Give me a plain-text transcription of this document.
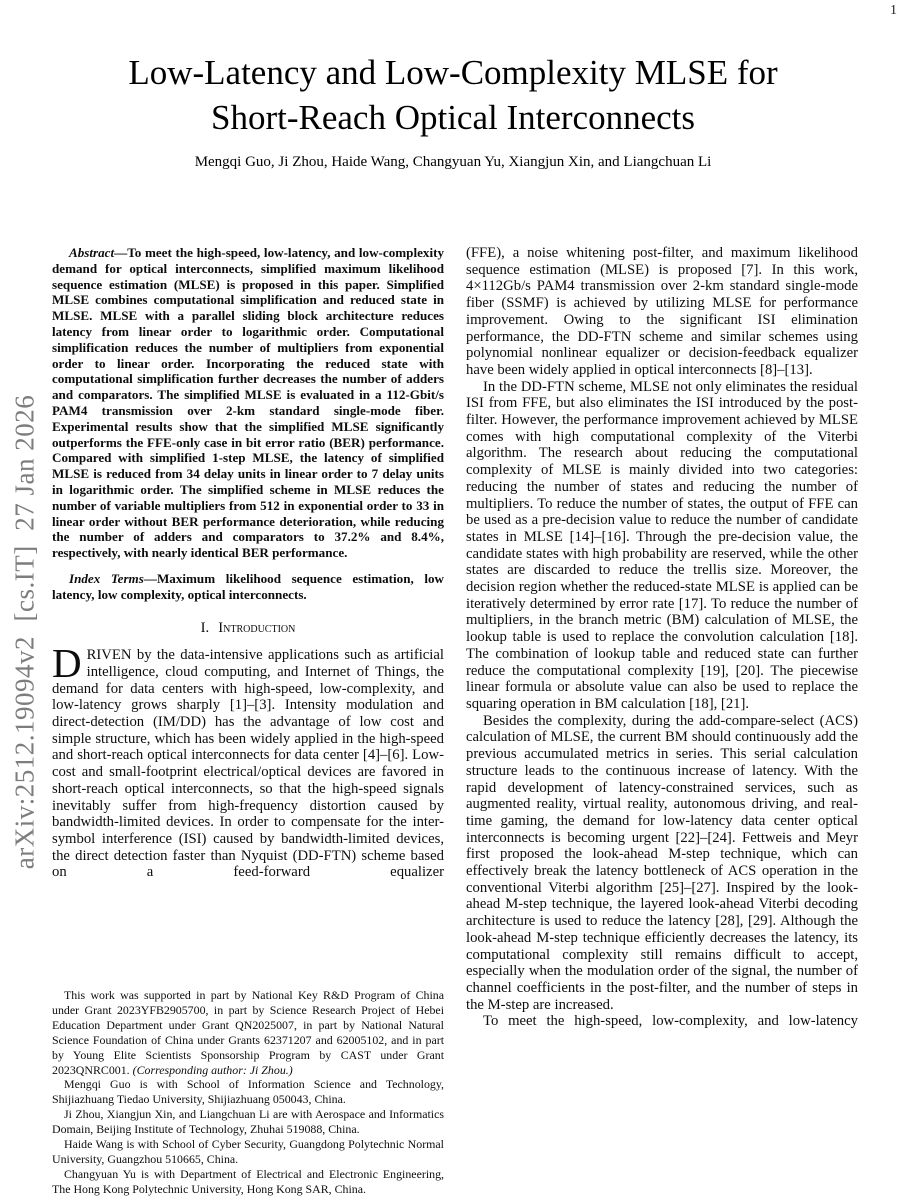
1
arXiv:2512.19094v2  [cs.IT]  27 Jan 2026
Low-Latency and Low-Complexity MLSE for
Short-Reach Optical Interconnects
Mengqi Guo, Ji Zhou, Haide Wang, Changyuan Yu, Xiangjun Xin, and Liangchuan Li

Abstract—To meet the high-speed, low-latency, and low-complexity demand for optical interconnects, simplified maximum likelihood sequence estimation (MLSE) is proposed in this paper. Simplified MLSE combines computational simplification and reduced state in MLSE. MLSE with a parallel sliding block architecture reduces latency from linear order to logarithmic order. Computational simplification reduces the number of multipliers from exponential order to linear order. Incorporating the reduced state with computational simplification further decreases the number of adders and comparators. The simplified MLSE is evaluated in a 112-Gbit/s PAM4 transmission over 2-km standard single-mode fiber. Experimental results show that the simplified MLSE significantly outperforms the FFE-only case in bit error ratio (BER) performance. Compared with simplified 1-step MLSE, the latency of simplified MLSE is reduced from 34 delay units in linear order to 7 delay units in logarithmic order. The simplified scheme in MLSE reduces the number of variable multipliers from 512 in exponential order to 33 in linear order without BER performance deterioration, while reducing the number of adders and comparators to 37.2% and 8.4%, respectively, with nearly identical BER performance.

Index Terms—Maximum likelihood sequence estimation, low latency, low complexity, optical interconnects.

I. Introduction

DRIVEN by the data-intensive applications such as artificial intelligence, cloud computing, and Internet of Things, the demand for data centers with high-speed, low-complexity, and low-latency grows sharply [1]–[3]. Intensity modulation and direct-detection (IM/DD) has the advantage of low cost and simple structure, which has been widely applied in the high-speed and short-reach optical interconnects for data center [4]–[6]. Low-cost and small-footprint electrical/optical devices are favored in short-reach optical interconnects, so that the high-speed signals inevitably suffer from high-frequency distortion caused by bandwidth-limited devices. In order to compensate for the inter-symbol interference (ISI) caused by bandwidth-limited devices, the direct detection faster than Nyquist (DD-FTN) scheme based on a feed-forward equalizer

This work was supported in part by National Key R&D Program of China under Grant 2023YFB2905700, in part by Science Research Project of Hebei Education Department under Grant QN2025007, in part by National Natural Science Foundation of China under Grants 62371207 and 62005102, and in part by Young Elite Scientists Sponsorship Program by CAST under Grant 2023QNRC001. (Corresponding author: Ji Zhou.)

Mengqi Guo is with School of Information Science and Technology, Shijiazhuang Tiedao University, Shijiazhuang 050043, China.

Ji Zhou, Xiangjun Xin, and Liangchuan Li are with Aerospace and Informatics Domain, Beijing Institute of Technology, Zhuhai 519088, China.

Haide Wang is with School of Cyber Security, Guangdong Polytechnic Normal University, Guangzhou 510665, China.

Changyuan Yu is with Department of Electrical and Electronic Engineering, The Hong Kong Polytechnic University, Hong Kong SAR, China.

(FFE), a noise whitening post-filter, and maximum likelihood sequence estimation (MLSE) is proposed [7]. In this work, 4×112Gb/s PAM4 transmission over 2-km standard single-mode fiber (SSMF) is achieved by utilizing MLSE for performance improvement. Owing to the significant ISI elimination performance, the DD-FTN scheme and similar schemes using polynomial nonlinear equalizer or decision-feedback equalizer have been widely applied in optical interconnects [8]–[13].

In the DD-FTN scheme, MLSE not only eliminates the residual ISI from FFE, but also eliminates the ISI introduced by the post-filter. However, the performance improvement achieved by MLSE comes with high computational complexity of the Viterbi algorithm. The research about reducing the computational complexity of MLSE is mainly divided into two categories: reducing the number of states and reducing the number of multipliers. To reduce the number of states, the output of FFE can be used as a pre-decision value to reduce the number of candidate states in MLSE [14]–[16]. Through the pre-decision value, the candidate states with high probability are reserved, while the other states are discarded to reduce the trellis size. Moreover, the decision region whether the reduced-state MLSE is applied can be iteratively determined by error rate [17]. To reduce the number of multipliers, in the branch metric (BM) calculation of MLSE, the lookup table is used to replace the convolution calculation [18]. The combination of lookup table and reduced state can further reduce the computational complexity [19], [20]. The piecewise linear formula or absolute value can also be used to replace the squaring operation in BM calculation [18], [21].

Besides the complexity, during the add-compare-select (ACS) calculation of MLSE, the current BM should continuously add the previous accumulated metrics in series. This serial calculation structure leads to the continuous increase of latency. With the rapid development of latency-constrained services, such as augmented reality, virtual reality, autonomous driving, and real-time gaming, the demand for low-latency data center optical interconnects is becoming urgent [22]–[24]. Fettweis and Meyr first proposed the look-ahead M-step technique, which can effectively break the latency bottleneck of ACS operation in the conventional Viterbi algorithm [25]–[27]. Inspired by the look-ahead M-step technique, the layered look-ahead Viterbi decoding architecture is used to reduce the latency [28], [29]. Although the look-ahead M-step technique efficiently decreases the latency, its computational complexity still remains difficult to accept, especially when the modulation order of the signal, the number of channel coefficients in the post-filter, and the number of steps in the M-step are increased.

To meet the high-speed, low-complexity, and low-latency
